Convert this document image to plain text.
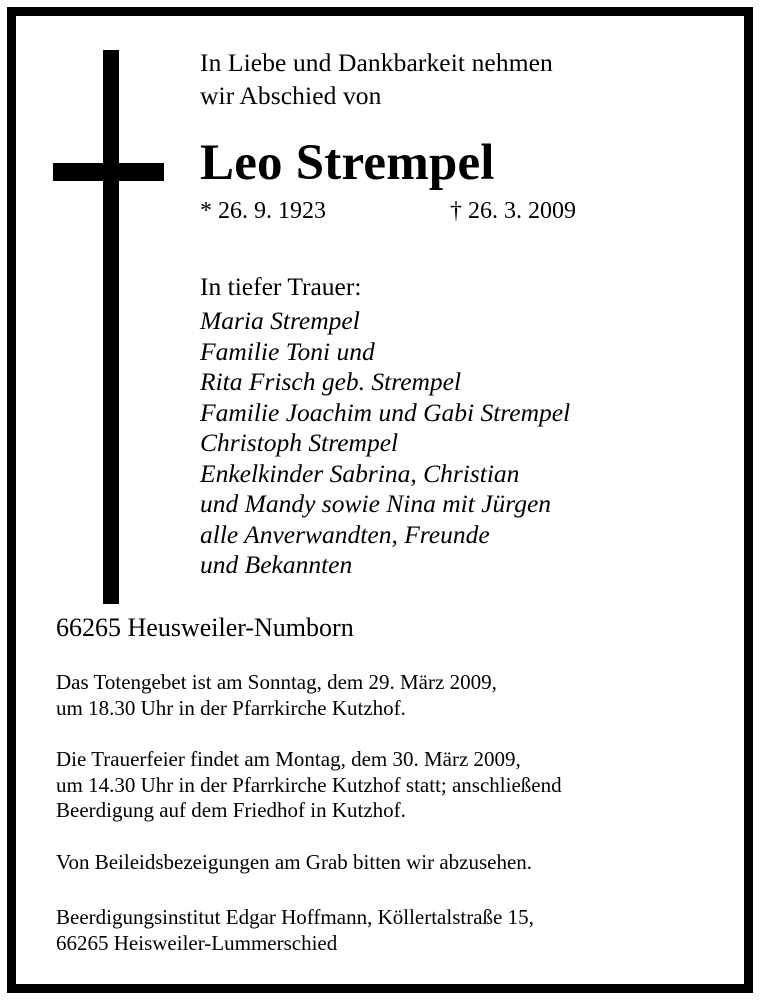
In Liebe und Dankbarkeit nehmen
wir Abschied von
Leo Strempel
* 26. 9. 1923	† 26. 3. 2009
In tiefer Trauer:
Maria Strempel
Familie Toni und
Rita Frisch geb. Strempel
Familie Joachim und Gabi Strempel
Christoph Strempel
Enkelkinder Sabrina, Christian
und Mandy sowie Nina mit Jürgen
alle Anverwandten, Freunde
und Bekannten
66265 Heusweiler-Numborn
Das Totengebet ist am Sonntag, dem 29. März 2009,
um 18.30 Uhr in der Pfarrkirche Kutzhof.
Die Trauerfeier findet am Montag, dem 30. März 2009,
um 14.30 Uhr in der Pfarrkirche Kutzhof statt; anschließend
Beerdigung auf dem Friedhof in Kutzhof.
Von Beileidsbezeigungen am Grab bitten wir abzusehen.
Beerdigungsinstitut Edgar Hoffmann, Köllertalstraße 15,
66265 Heisweiler-Lummerschied
